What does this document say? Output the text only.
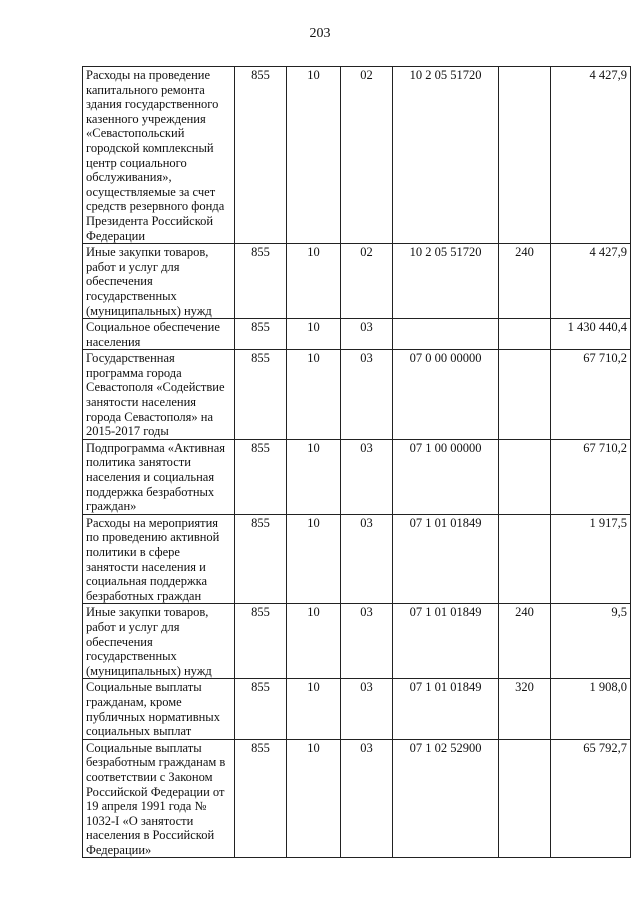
203
Расходы на проведение капитального ремонта здания государственного казенного учреждения «Севастопольский городской комплексный центр социального обслуживания», осуществляемые за счет средств резервного фонда Президента Российской Федерации	855	10	02	10 2 05 51720		4 427,9
Иные закупки товаров, работ и услуг для обеспечения государственных (муниципальных) нужд	855	10	02	10 2 05 51720	240	4 427,9
Социальное обеспечение населения	855	10	03			1 430 440,4
Государственная программа города Севастополя «Содействие занятости населения города Севастополя» на 2015-2017 годы	855	10	03	07 0 00 00000		67 710,2
Подпрограмма «Активная политика занятости населения и социальная поддержка безработных граждан»	855	10	03	07 1 00 00000		67 710,2
Расходы на мероприятия по проведению активной политики в сфере занятости населения и социальная поддержка безработных граждан	855	10	03	07 1 01 01849		1 917,5
Иные закупки товаров, работ и услуг для обеспечения государственных (муниципальных) нужд	855	10	03	07 1 01 01849	240	9,5
Социальные выплаты гражданам, кроме публичных нормативных социальных выплат	855	10	03	07 1 01 01849	320	1 908,0
Социальные выплаты безработным гражданам в соответствии с Законом Российской Федерации от 19 апреля 1991 года № 1032-I «О занятости населения в Российской Федерации»	855	10	03	07 1 02 52900		65 792,7
